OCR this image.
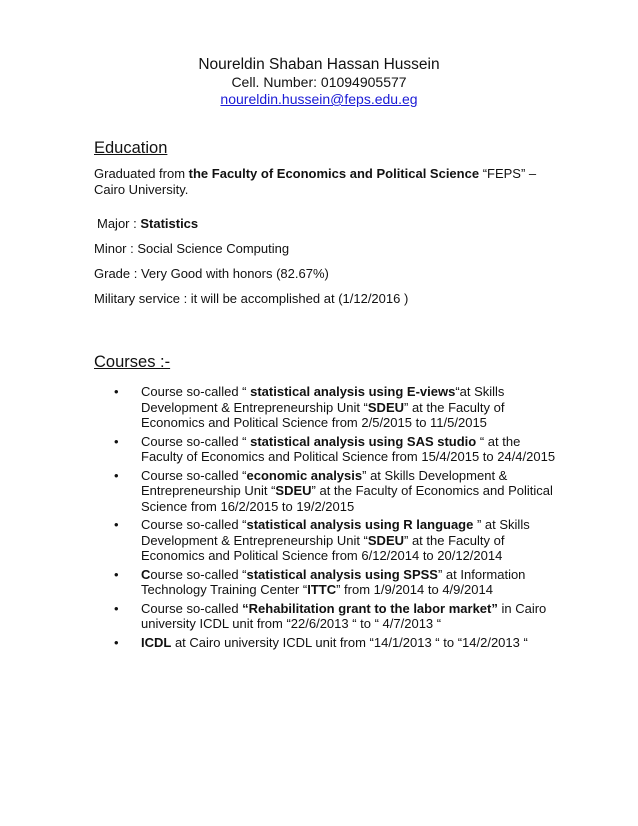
Noureldin Shaban Hassan Hussein
Cell. Number: 01094905577
noureldin.hussein@feps.edu.eg
Education

Graduated from the Faculty of Economics and Political Science “FEPS” – Cairo University.

Major : Statistics

Minor : Social Science Computing

Grade : Very Good with honors (82.67%)

Military service : it will be accomplished at (1/12/2016 )

Courses :-
•	Course so-called “ statistical analysis using E-views“at Skills Development & Entrepreneurship Unit “SDEU” at the Faculty of Economics and Political Science from 2/5/2015 to 11/5/2015
•	Course so-called “ statistical analysis using SAS studio “ at the Faculty of Economics and Political Science from 15/4/2015 to 24/4/2015
•	Course so-called “economic analysis” at Skills Development & Entrepreneurship Unit “SDEU” at the Faculty of Economics and Political Science from 16/2/2015 to 19/2/2015
•	Course so-called “statistical analysis using R language ” at Skills Development & Entrepreneurship Unit “SDEU” at the Faculty of Economics and Political Science from 6/12/2014 to 20/12/2014
•	Course so-called “statistical analysis using SPSS” at Information Technology Training Center “ITTC” from 1/9/2014 to 4/9/2014
•	Course so-called “Rehabilitation grant to the labor market” in Cairo university ICDL unit from “22/6/2013 “ to “ 4/7/2013 “
•	ICDL at Cairo university ICDL unit from “14/1/2013 “ to “14/2/2013 “
